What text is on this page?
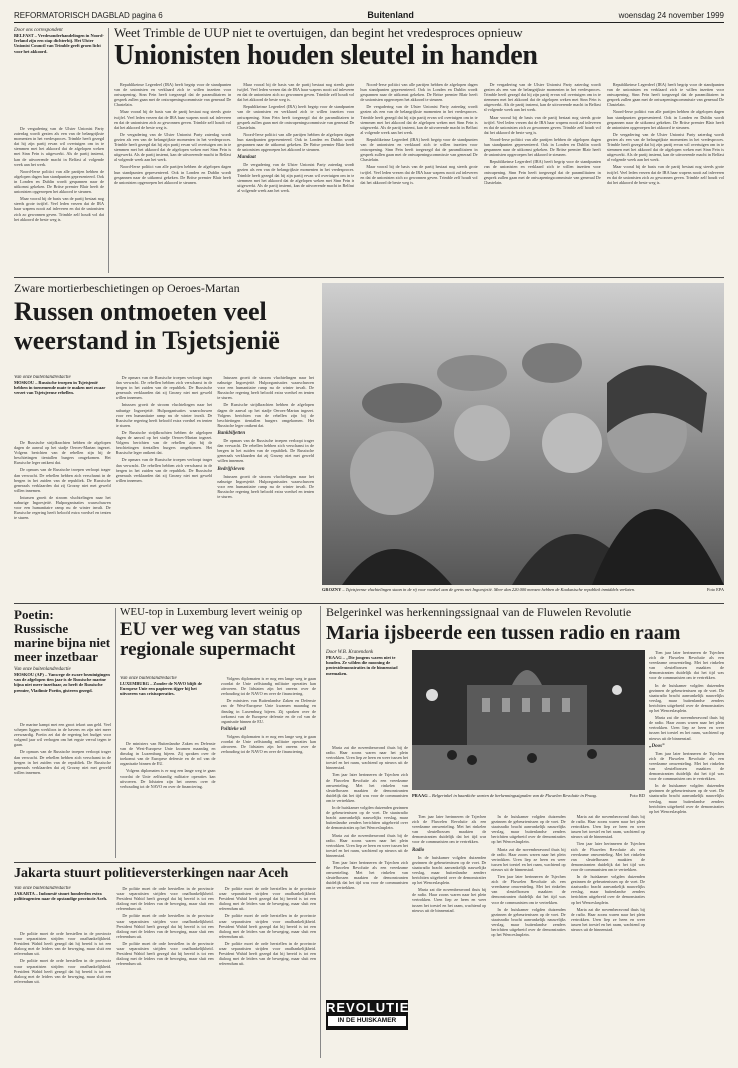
REFORMATORISCH DAGBLAD pagina 6	Buitenland	woensdag 24 november 1999
Door ons correspondent
BELFAST – Vredesonderhandelingen in Noord-Ierland zijn een stap dichterbij. Het Ulster Unionist Council van Trimble geeft groen licht voor het akkoord.

De vergadering van de Ulster Unionist Party zaterdag wordt gezien als een van de belangrijkste momenten in het vredesproces. Trimble heeft gezegd dat hij zijn partij ervan wil overtuigen om in te stemmen met het akkoord dat de afgelopen weken met Sinn Fein is uitgewerkt. Als de partij instemt, kan de uitvoerende macht in Belfast al volgende week aan het werk.

Noord-Ierse politici van alle partijen hebben de afgelopen dagen hun standpunten gepresenteerd. Ook in Londen en Dublin wordt gespannen naar de uitkomst gekeken. De Britse premier Blair heeft de unionisten opgeroepen het akkoord te steunen.

Maar vooral bij de basis van de partij bestaat nog steeds grote twijfel. Veel leden vrezen dat de IRA haar wapens nooit zal inleveren en dat de unionisten zich zo gewonnen geven. Trimble zelf houdt vol dat het akkoord de beste weg is.

Weet Trimble de UUP niet te overtuigen, dan begint het vredesproces opnieuw
Unionisten houden sleutel in handen

Republikeinse Legerdeel (IRA) heeft begrip voor de standpunten van de unionisten en verklaard zich te willen inzetten voor ontwapening. Sinn Fein heeft toegezegd dat de paramilitairen in gesprek zullen gaan met de ontwapeningscommissie van generaal De Chastelain.

Maar vooral bij de basis van de partij bestaat nog steeds grote twijfel. Veel leden vrezen dat de IRA haar wapens nooit zal inleveren en dat de unionisten zich zo gewonnen geven. Trimble zelf houdt vol dat het akkoord de beste weg is.

De vergadering van de Ulster Unionist Party zaterdag wordt gezien als een van de belangrijkste momenten in het vredesproces. Trimble heeft gezegd dat hij zijn partij ervan wil overtuigen om in te stemmen met het akkoord dat de afgelopen weken met Sinn Fein is uitgewerkt. Als de partij instemt, kan de uitvoerende macht in Belfast al volgende week aan het werk.

Noord-Ierse politici van alle partijen hebben de afgelopen dagen hun standpunten gepresenteerd. Ook in Londen en Dublin wordt gespannen naar de uitkomst gekeken. De Britse premier Blair heeft de unionisten opgeroepen het akkoord te steunen.

Maar vooral bij de basis van de partij bestaat nog steeds grote twijfel. Veel leden vrezen dat de IRA haar wapens nooit zal inleveren en dat de unionisten zich zo gewonnen geven. Trimble zelf houdt vol dat het akkoord de beste weg is.

Republikeinse Legerdeel (IRA) heeft begrip voor de standpunten van de unionisten en verklaard zich te willen inzetten voor ontwapening. Sinn Fein heeft toegezegd dat de paramilitairen in gesprek zullen gaan met de ontwapeningscommissie van generaal De Chastelain.

Noord-Ierse politici van alle partijen hebben de afgelopen dagen hun standpunten gepresenteerd. Ook in Londen en Dublin wordt gespannen naar de uitkomst gekeken. De Britse premier Blair heeft de unionisten opgeroepen het akkoord te steunen.

Mandaat

De vergadering van de Ulster Unionist Party zaterdag wordt gezien als een van de belangrijkste momenten in het vredesproces. Trimble heeft gezegd dat hij zijn partij ervan wil overtuigen om in te stemmen met het akkoord dat de afgelopen weken met Sinn Fein is uitgewerkt. Als de partij instemt, kan de uitvoerende macht in Belfast al volgende week aan het werk.

Noord-Ierse politici van alle partijen hebben de afgelopen dagen hun standpunten gepresenteerd. Ook in Londen en Dublin wordt gespannen naar de uitkomst gekeken. De Britse premier Blair heeft de unionisten opgeroepen het akkoord te steunen.

De vergadering van de Ulster Unionist Party zaterdag wordt gezien als een van de belangrijkste momenten in het vredesproces. Trimble heeft gezegd dat hij zijn partij ervan wil overtuigen om in te stemmen met het akkoord dat de afgelopen weken met Sinn Fein is uitgewerkt. Als de partij instemt, kan de uitvoerende macht in Belfast al volgende week aan het werk.

Republikeinse Legerdeel (IRA) heeft begrip voor de standpunten van de unionisten en verklaard zich te willen inzetten voor ontwapening. Sinn Fein heeft toegezegd dat de paramilitairen in gesprek zullen gaan met de ontwapeningscommissie van generaal De Chastelain.

Maar vooral bij de basis van de partij bestaat nog steeds grote twijfel. Veel leden vrezen dat de IRA haar wapens nooit zal inleveren en dat de unionisten zich zo gewonnen geven. Trimble zelf houdt vol dat het akkoord de beste weg is.

De vergadering van de Ulster Unionist Party zaterdag wordt gezien als een van de belangrijkste momenten in het vredesproces. Trimble heeft gezegd dat hij zijn partij ervan wil overtuigen om in te stemmen met het akkoord dat de afgelopen weken met Sinn Fein is uitgewerkt. Als de partij instemt, kan de uitvoerende macht in Belfast al volgende week aan het werk.

Maar vooral bij de basis van de partij bestaat nog steeds grote twijfel. Veel leden vrezen dat de IRA haar wapens nooit zal inleveren en dat de unionisten zich zo gewonnen geven. Trimble zelf houdt vol dat het akkoord de beste weg is.

Noord-Ierse politici van alle partijen hebben de afgelopen dagen hun standpunten gepresenteerd. Ook in Londen en Dublin wordt gespannen naar de uitkomst gekeken. De Britse premier Blair heeft de unionisten opgeroepen het akkoord te steunen.

Republikeinse Legerdeel (IRA) heeft begrip voor de standpunten van de unionisten en verklaard zich te willen inzetten voor ontwapening. Sinn Fein heeft toegezegd dat de paramilitairen in gesprek zullen gaan met de ontwapeningscommissie van generaal De Chastelain.

Republikeinse Legerdeel (IRA) heeft begrip voor de standpunten van de unionisten en verklaard zich te willen inzetten voor ontwapening. Sinn Fein heeft toegezegd dat de paramilitairen in gesprek zullen gaan met de ontwapeningscommissie van generaal De Chastelain.

Noord-Ierse politici van alle partijen hebben de afgelopen dagen hun standpunten gepresenteerd. Ook in Londen en Dublin wordt gespannen naar de uitkomst gekeken. De Britse premier Blair heeft de unionisten opgeroepen het akkoord te steunen.

De vergadering van de Ulster Unionist Party zaterdag wordt gezien als een van de belangrijkste momenten in het vredesproces. Trimble heeft gezegd dat hij zijn partij ervan wil overtuigen om in te stemmen met het akkoord dat de afgelopen weken met Sinn Fein is uitgewerkt. Als de partij instemt, kan de uitvoerende macht in Belfast al volgende week aan het werk.

Maar vooral bij de basis van de partij bestaat nog steeds grote twijfel. Veel leden vrezen dat de IRA haar wapens nooit zal inleveren en dat de unionisten zich zo gewonnen geven. Trimble zelf houdt vol dat het akkoord de beste weg is.

Zware mortierbeschietingen op Oeroes-Martan
Russen ontmoeten veel weerstand in Tsjetsjenië
Van onze buitenlandredactie
MOSKOU – Russische troepen in Tsjetsjenië hebben in toenemende mate te maken met zwaar verzet van Tsjetsjeense rebellen.

De Russische strijdkrachten hebben de afgelopen dagen de aanval op het stadje Oeroes-Martan ingezet. Volgens berichten van de rebellen zijn bij de beschietingen tientallen burgers omgekomen. Het Russische leger ontkent dat.

De opmars van de Russische troepen verloopt trager dan verwacht. De rebellen hebben zich verschanst in de bergen in het zuiden van de republiek. De Russische generaals verklaarden dat zij Grozny niet met geweld willen innemen.

Intussen groeit de stroom vluchtelingen naar het naburige Ingoesjetië. Hulporganisaties waarschuwen voor een humanitaire ramp nu de winter invalt. De Russische regering heeft beloofd extra voedsel en tenten te sturen.

De opmars van de Russische troepen verloopt trager dan verwacht. De rebellen hebben zich verschanst in de bergen in het zuiden van de republiek. De Russische generaals verklaarden dat zij Grozny niet met geweld willen innemen.

Intussen groeit de stroom vluchtelingen naar het naburige Ingoesjetië. Hulporganisaties waarschuwen voor een humanitaire ramp nu de winter invalt. De Russische regering heeft beloofd extra voedsel en tenten te sturen.

De Russische strijdkrachten hebben de afgelopen dagen de aanval op het stadje Oeroes-Martan ingezet. Volgens berichten van de rebellen zijn bij de beschietingen tientallen burgers omgekomen. Het Russische leger ontkent dat.

De opmars van de Russische troepen verloopt trager dan verwacht. De rebellen hebben zich verschanst in de bergen in het zuiden van de republiek. De Russische generaals verklaarden dat zij Grozny niet met geweld willen innemen.

Intussen groeit de stroom vluchtelingen naar het naburige Ingoesjetië. Hulporganisaties waarschuwen voor een humanitaire ramp nu de winter invalt. De Russische regering heeft beloofd extra voedsel en tenten te sturen.

De Russische strijdkrachten hebben de afgelopen dagen de aanval op het stadje Oeroes-Martan ingezet. Volgens berichten van de rebellen zijn bij de beschietingen tientallen burgers omgekomen. Het Russische leger ontkent dat.

Bankbiljetten

De opmars van de Russische troepen verloopt trager dan verwacht. De rebellen hebben zich verschanst in de bergen in het zuiden van de republiek. De Russische generaals verklaarden dat zij Grozny niet met geweld willen innemen.

Bedrijfsleven

Intussen groeit de stroom vluchtelingen naar het naburige Ingoesjetië. Hulporganisaties waarschuwen voor een humanitaire ramp nu de winter invalt. De Russische regering heeft beloofd extra voedsel en tenten te sturen.

GROZNY – Tsjetsjeense vluchtelingen staan in de rij voor voedsel aan de grens met Ingoesjetië. Meer dan 220.000 mensen hebben de Kaukasische republiek inmiddels verlaten.	Foto EPA
Poetin: Russische marine bijna niet meer inzetbaar
Van onze buitenlandredactie
MOSKOU (AP) – Vanwege de zware bezuinigingen van de afgelopen tien jaar is de Russische marine bijna niet meer inzetbaar, zo heeft de Russische premier, Vladimir Poetin, gisteren gezegd.

De marine kampt met een groot tekort aan geld. Veel schepen liggen werkloos in de havens en zijn niet meer zeewaardig. Poetin zei dat de regering het budget voor volgend jaar wil verhogen om het ergste verval tegen te gaan.

De opmars van de Russische troepen verloopt trager dan verwacht. De rebellen hebben zich verschanst in de bergen in het zuiden van de republiek. De Russische generaals verklaarden dat zij Grozny niet met geweld willen innemen.

WEU-top in Luxemburg levert weinig op
EU ver weg van status regionale supermacht
Van onze buitenlandredactie
LUXEMBURG – Zonder de NAVO blijft de Europese Unie een papieren tijger bij het uitvoeren van crisisoperaties.

De ministers van Buitenlandse Zaken en Defensie van de West-Europese Unie kwamen maandag en dinsdag in Luxemburg bijeen. Zij spraken over de toekomst van de Europese defensie en de rol van de organisatie binnen de EU.

Volgens diplomaten is er nog een lange weg te gaan voordat de Unie zelfstandig militaire operaties kan uitvoeren. De lidstaten zijn het oneens over de verhouding tot de NAVO en over de financiering.

Volgens diplomaten is er nog een lange weg te gaan voordat de Unie zelfstandig militaire operaties kan uitvoeren. De lidstaten zijn het oneens over de verhouding tot de NAVO en over de financiering.

De ministers van Buitenlandse Zaken en Defensie van de West-Europese Unie kwamen maandag en dinsdag in Luxemburg bijeen. Zij spraken over de toekomst van de Europese defensie en de rol van de organisatie binnen de EU.

Politieke wil

Volgens diplomaten is er nog een lange weg te gaan voordat de Unie zelfstandig militaire operaties kan uitvoeren. De lidstaten zijn het oneens over de verhouding tot de NAVO en over de financiering.

Belgerinkel was herkenningssignaal van de Fluwelen Revolutie
Maria ijsbeerde een tussen radio en raam
Door W.B. Kranendonk
PRAAG – „Die jongens waren niet te houden. Ze wilden die mooning de protestdemonstraties in de binnenstad meemaken.

Maria zat die novemberavond thuis bij de radio. Haar zoons waren naar het plein vertrokken. Uren liep ze heen en weer tussen het toestel en het raam, wachtend op nieuws uit de binnenstad.

Tien jaar later herinneren de Tsjechen zich de Fluwelen Revolutie als een vreedzame omwenteling. Met het rinkelen van sleutelbossen maakten de demonstranten duidelijk dat het tijd was voor de communisten om te vertrekken.

In de huiskamer volgden duizenden gezinnen de gebeurtenissen op de voet. De staatsradio bracht aanvankelijk nauwelijks verslag, maar buitenlandse zenders berichtten uitgebreid over de demonstraties op het Wenceslasplein.

Maria zat die novemberavond thuis bij de radio. Haar zoons waren naar het plein vertrokken. Uren liep ze heen en weer tussen het toestel en het raam, wachtend op nieuws uit de binnenstad.

Tien jaar later herinneren de Tsjechen zich de Fluwelen Revolutie als een vreedzame omwenteling. Met het rinkelen van sleutelbossen maakten de demonstranten duidelijk dat het tijd was voor de communisten om te vertrekken.

PRAAG – Belgerinkel in haardiche warten de herkenningssignalen van de Fluwelen Revolutie in Praag.	Foto RD

Tien jaar later herinneren de Tsjechen zich de Fluwelen Revolutie als een vreedzame omwenteling. Met het rinkelen van sleutelbossen maakten de demonstranten duidelijk dat het tijd was voor de communisten om te vertrekken.

Radio

In de huiskamer volgden duizenden gezinnen de gebeurtenissen op de voet. De staatsradio bracht aanvankelijk nauwelijks verslag, maar buitenlandse zenders berichtten uitgebreid over de demonstraties op het Wenceslasplein.

Maria zat die novemberavond thuis bij de radio. Haar zoons waren naar het plein vertrokken. Uren liep ze heen en weer tussen het toestel en het raam, wachtend op nieuws uit de binnenstad.

In de huiskamer volgden duizenden gezinnen de gebeurtenissen op de voet. De staatsradio bracht aanvankelijk nauwelijks verslag, maar buitenlandse zenders berichtten uitgebreid over de demonstraties op het Wenceslasplein.

Maria zat die novemberavond thuis bij de radio. Haar zoons waren naar het plein vertrokken. Uren liep ze heen en weer tussen het toestel en het raam, wachtend op nieuws uit de binnenstad.

Tien jaar later herinneren de Tsjechen zich de Fluwelen Revolutie als een vreedzame omwenteling. Met het rinkelen van sleutelbossen maakten de demonstranten duidelijk dat het tijd was voor de communisten om te vertrekken.

In de huiskamer volgden duizenden gezinnen de gebeurtenissen op de voet. De staatsradio bracht aanvankelijk nauwelijks verslag, maar buitenlandse zenders berichtten uitgebreid over de demonstraties op het Wenceslasplein.

Maria zat die novemberavond thuis bij de radio. Haar zoons waren naar het plein vertrokken. Uren liep ze heen en weer tussen het toestel en het raam, wachtend op nieuws uit de binnenstad.

Tien jaar later herinneren de Tsjechen zich de Fluwelen Revolutie als een vreedzame omwenteling. Met het rinkelen van sleutelbossen maakten de demonstranten duidelijk dat het tijd was voor de communisten om te vertrekken.

In de huiskamer volgden duizenden gezinnen de gebeurtenissen op de voet. De staatsradio bracht aanvankelijk nauwelijks verslag, maar buitenlandse zenders berichtten uitgebreid over de demonstraties op het Wenceslasplein.

Maria zat die novemberavond thuis bij de radio. Haar zoons waren naar het plein vertrokken. Uren liep ze heen en weer tussen het toestel en het raam, wachtend op nieuws uit de binnenstad.

REVOLUTIE
IN DE HUISKAMER

Tien jaar later herinneren de Tsjechen zich de Fluwelen Revolutie als een vreedzame omwenteling. Met het rinkelen van sleutelbossen maakten de demonstranten duidelijk dat het tijd was voor de communisten om te vertrekken.

In de huiskamer volgden duizenden gezinnen de gebeurtenissen op de voet. De staatsradio bracht aanvankelijk nauwelijks verslag, maar buitenlandse zenders berichtten uitgebreid over de demonstraties op het Wenceslasplein.

Maria zat die novemberavond thuis bij de radio. Haar zoons waren naar het plein vertrokken. Uren liep ze heen en weer tussen het toestel en het raam, wachtend op nieuws uit de binnenstad.

„Doos”

Tien jaar later herinneren de Tsjechen zich de Fluwelen Revolutie als een vreedzame omwenteling. Met het rinkelen van sleutelbossen maakten de demonstranten duidelijk dat het tijd was voor de communisten om te vertrekken.

In de huiskamer volgden duizenden gezinnen de gebeurtenissen op de voet. De staatsradio bracht aanvankelijk nauwelijks verslag, maar buitenlandse zenders berichtten uitgebreid over de demonstraties op het Wenceslasplein.

Jakarta stuurt politieversterkingen naar Aceh
Van onze buitenlandredactie
JAKARTA – Indonesië stuurt honderden extra politieagenten naar de opstandige provincie Aceh.

De politie moet de orde herstellen in de provincie waar separatisten strijden voor onafhankelijkheid. President Wahid heeft gezegd dat hij bereid is tot een dialoog met de leiders van de beweging, maar sluit een referendum uit.

De politie moet de orde herstellen in de provincie waar separatisten strijden voor onafhankelijkheid. President Wahid heeft gezegd dat hij bereid is tot een dialoog met de leiders van de beweging, maar sluit een referendum uit.

De politie moet de orde herstellen in de provincie waar separatisten strijden voor onafhankelijkheid. President Wahid heeft gezegd dat hij bereid is tot een dialoog met de leiders van de beweging, maar sluit een referendum uit.

De politie moet de orde herstellen in de provincie waar separatisten strijden voor onafhankelijkheid. President Wahid heeft gezegd dat hij bereid is tot een dialoog met de leiders van de beweging, maar sluit een referendum uit.

De politie moet de orde herstellen in de provincie waar separatisten strijden voor onafhankelijkheid. President Wahid heeft gezegd dat hij bereid is tot een dialoog met de leiders van de beweging, maar sluit een referendum uit.

De politie moet de orde herstellen in de provincie waar separatisten strijden voor onafhankelijkheid. President Wahid heeft gezegd dat hij bereid is tot een dialoog met de leiders van de beweging, maar sluit een referendum uit.

De politie moet de orde herstellen in de provincie waar separatisten strijden voor onafhankelijkheid. President Wahid heeft gezegd dat hij bereid is tot een dialoog met de leiders van de beweging, maar sluit een referendum uit.

De politie moet de orde herstellen in de provincie waar separatisten strijden voor onafhankelijkheid. President Wahid heeft gezegd dat hij bereid is tot een dialoog met de leiders van de beweging, maar sluit een referendum uit.
